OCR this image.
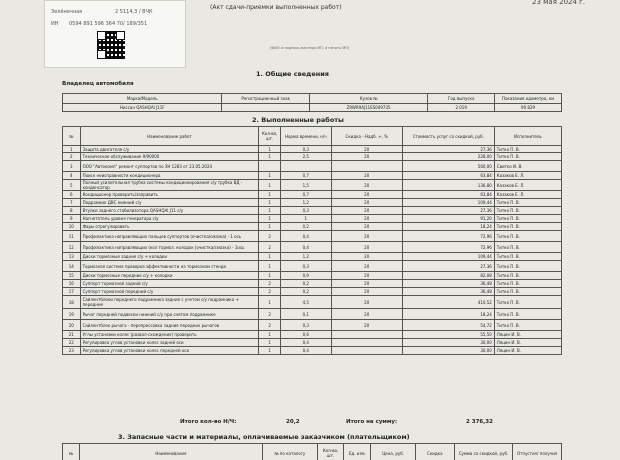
Зелёнечная	2 5114,3 / ВЧК
ИН 0594 891 596 364 70/ 189/351
(Акт сдачи-приемки выполненных работ)
23 мая 2024 г.
(ФИО и подпись мастера МП, и печать МП)
1. Общие сведения
Владелец автомобиля
Марка/Модель	Регистрационный знак	Кузов №	Год выпуска	Показания одометра, км
Ниссан QASHQAI J11F		Z9WR9AJ11ES049735	2 019	90 829
2. Выполненные работы
№	Наименование работ	Кол-во, шт.	Норма времени, н/ч	Скидка - Надб. +, %	Стоимость услуг со скидкой, руб.	Исполнитель
1	Защита двигателя с/у	1	0,3	20	27,36	Титко П. В.
2	Техническое обслуживание 9/90000	1	2,5	20	228,00	Титко П. В.
3	ООО "Автокомп" ремонт суппортов по ЗН 1283 от 23.05.2024				560,00	Свитко И. В.
4	Поиск неисправности кондиционера	1	0,7	20	63,84	Казаков Е. Л.
5	Полный усилительная трубка системы кондиционирования с/у трубка ВД - конденсатор	1	1,5	20	136,80	Казаков Е. Л.
6	Кондиционер проверить/заправить	1	0,7	20	63,84	Казаков Е. Л.
7	Подрамник ДВС нижний с/у	1	1,2	20	109,44	Титко П. В.
8	Втулки заднего стабилизатора QASHQAI J11 с/у	1	0,3	20	27,36	Титко П. В.
9	Нагнетатель уровня генератора с/у	1	1	20	91,20	Титко П. В.
10	Фары отрегулировать	1	0,2	20	18,24	Титко П. В.
11	Профилактика направляющих пальцев суппортов (очистка/смазка) - 1 ось	2	0,4	20	72,96	Титко П. В.
12	Профилактика направляющих (кол тормоз. колодок (очистка/смазка) - 1ось	2	0,4	20	72,96	Титко П. В.
13	Диски тормозные задние с/у + колодки	1	1,2	20	109,44	Титко П. В.
14	Тормозная система проверка эффективности на тормозном стенде	1	0,3	20	27,36	Титко П. В.
15	Диски тормозные передние с/у + колодки	1	0,9	20	82,08	Титко П. В.
16	Суппорт тормозной задний с/у	2	0,2	20	36,48	Титко П. В.
17	Суппорт тормозной передний с/у	2	0,2	20	36,48	Титко П. В.
18	Сайлентблоки переднего подрамника задние с учетом с/у подрамника + передние	1	4,5	20	410,52	Титко П. В.
19	Рычаг передней подвески нижний с/у при снятом подрамнике	2	0,1	20	18,24	Титко П. В.
20	Сайлентблок рычага - перепрессовка задние передних рычагов	2	0,3	20	54,72	Титко П. В.
21	Углы установки колес (развал-схождение) проверить	1	0,6		55,50	Ляцин И. В.
22	Регулировка углов установки колес задней оси	1	0,4		30,00	Ляцин И. В.
23	Регулировка углов установки колес передней оси	1	0,4		30,00	Ляцин И. В.
Итого кол-во Н/Ч:	20,2	Итого на сумму:	2 376,32
3. Запасные части и материалы, оплачиваемые заказчиком (плательщиком)
№	Наименование	№ по каталогу	Кол-во, шт.	Ед. изм.	Цена, руб.	Скидка	Сумма со скидкой, руб.	Отпустил/ получил
